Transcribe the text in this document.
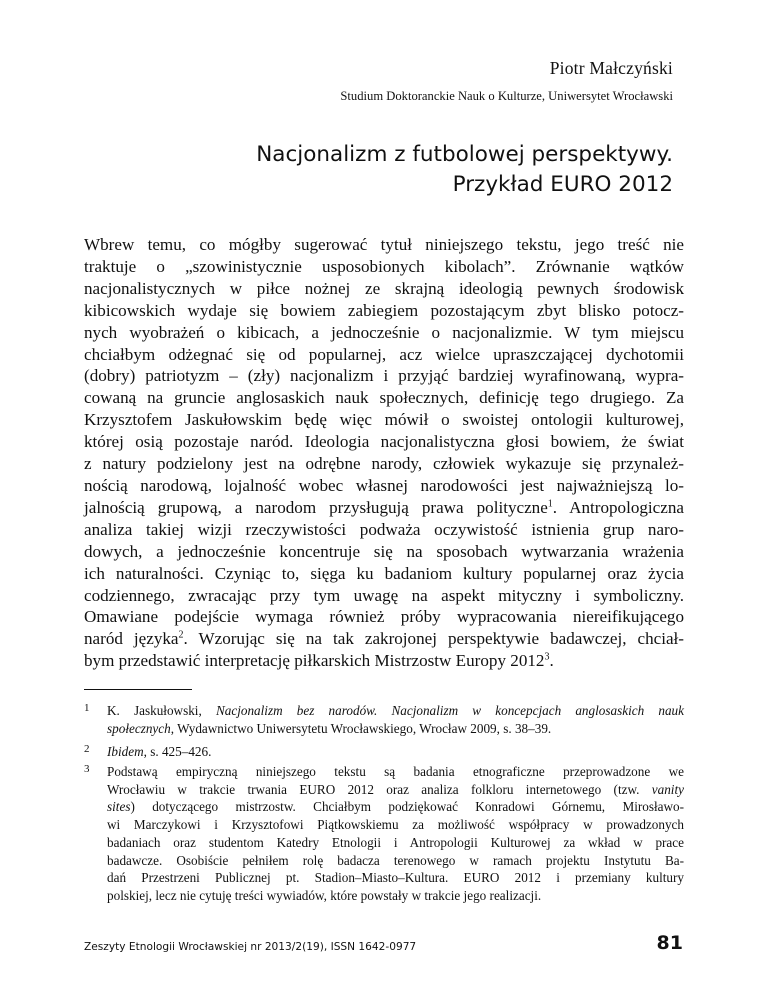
Piotr Małczyński
Studium Doktoranckie Nauk o Kulturze, Uniwersytet Wrocławski
Nacjonalizm z futbolowej perspektywy.
Przykład EURO 2012
Wbrew temu, co mógłby sugerować tytuł niniejszego tekstu, jego treść nie
traktuje o „szowinistycznie usposobionych kibolach”. Zrównanie wątków
nacjonalistycznych w piłce nożnej ze skrajną ideologią pewnych środowisk
kibicowskich wydaje się bowiem zabiegiem pozostającym zbyt blisko potocz-
nych wyobrażeń o kibicach, a jednocześnie o nacjonalizmie. W tym miejscu
chciałbym odżegnać się od popularnej, acz wielce upraszczającej dychotomii
(dobry) patriotyzm – (zły) nacjonalizm i przyjąć bardziej wyrafinowaną, wypra-
cowaną na gruncie anglosaskich nauk społecznych, definicję tego drugiego. Za
Krzysztofem Jaskułowskim będę więc mówił o swoistej ontologii kulturowej,
której osią pozostaje naród. Ideologia nacjonalistyczna głosi bowiem, że świat
z natury podzielony jest na odrębne narody, człowiek wykazuje się przynależ-
nością narodową, lojalność wobec własnej narodowości jest najważniejszą lo-
jalnością grupową, a narodom przysługują prawa polityczne$^1$. Antropologiczna
analiza takiej wizji rzeczywistości podważa oczywistość istnienia grup naro-
dowych, a jednocześnie koncentruje się na sposobach wytwarzania wrażenia
ich naturalności. Czyniąc to, sięga ku badaniom kultury popularnej oraz życia
codziennego, zwracając przy tym uwagę na aspekt mityczny i symboliczny.
Omawiane podejście wymaga również próby wypracowania niereifikującego
naród języka$^2$. Wzorując się na tak zakrojonej perspektywie badawczej, chciał-
bym przedstawić interpretację piłkarskich Mistrzostw Europy 2012$^3$.
1 K. Jaskułowski, Nacjonalizm bez narodów. Nacjonalizm w koncepcjach anglosaskich nauk
społecznych, Wydawnictwo Uniwersytetu Wrocławskiego, Wrocław 2009, s. 38–39.
2 Ibidem, s. 425–426.
3 Podstawą empiryczną niniejszego tekstu są badania etnograficzne przeprowadzone we
Wrocławiu w trakcie trwania EURO 2012 oraz analiza folkloru internetowego (tzw. vanity
sites) dotyczącego mistrzostw. Chciałbym podziękować Konradowi Górnemu, Mirosławo-
wi Marczykowi i Krzysztofowi Piątkowskiemu za możliwość współpracy w prowadzonych
badaniach oraz studentom Katedry Etnologii i Antropologii Kulturowej za wkład w prace
badawcze. Osobiście pełniłem rolę badacza terenowego w ramach projektu Instytutu Ba-
dań Przestrzeni Publicznej pt. Stadion–Miasto–Kultura. EURO 2012 i przemiany kultury
polskiej, lecz nie cytuję treści wywiadów, które powstały w trakcie jego realizacji.
Zeszyty Etnologii Wrocławskiej nr 2013/2(19), ISSN 1642-0977	81
